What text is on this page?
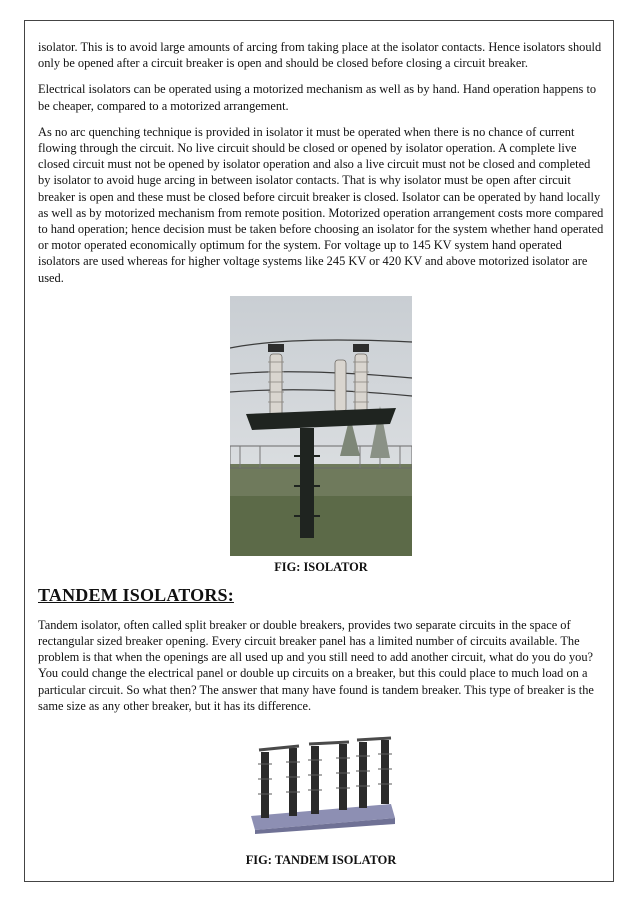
isolator. This is to avoid large amounts of arcing from taking place at the isolator contacts. Hence isolators should only be opened after a circuit breaker is open and should be closed before closing a circuit breaker.

Electrical isolators can be operated using a motorized mechanism as well as by hand. Hand operation happens to be cheaper, compared to a motorized arrangement.

As no arc quenching technique is provided in isolator it must be operated when there is no chance of current flowing through the circuit. No live circuit should be closed or opened by isolator operation. A complete live closed circuit must not be opened by isolator operation and also a live circuit must not be closed and completed by isolator to avoid huge arcing in between isolator contacts. That is why isolator must be open after circuit breaker is open and these must be closed before circuit breaker is closed. Isolator can be operated by hand locally as well as by motorized mechanism from remote position. Motorized operation arrangement costs more compared to hand operation; hence decision must be taken before choosing an isolator for the system whether hand operated or motor operated economically optimum for the system. For voltage up to 145 KV system hand operated isolators are used whereas for higher voltage systems like 245 KV or 420 KV and above motorized isolator are used.

FIG: ISOLATOR
TANDEM ISOLATORS:

Tandem isolator, often called split breaker or double breakers, provides two separate circuits in the space of rectangular sized breaker opening. Every circuit breaker panel has a limited number of circuits available. The problem is that when the openings are all used up and you still need to add another circuit, what do you do you? You could change the electrical panel or double up circuits on a breaker, but this could place to much load on a particular circuit. So what then? The answer that many have found is tandem breaker. This type of breaker is the same size as any other breaker, but it has its difference.

FIG: TANDEM ISOLATOR
